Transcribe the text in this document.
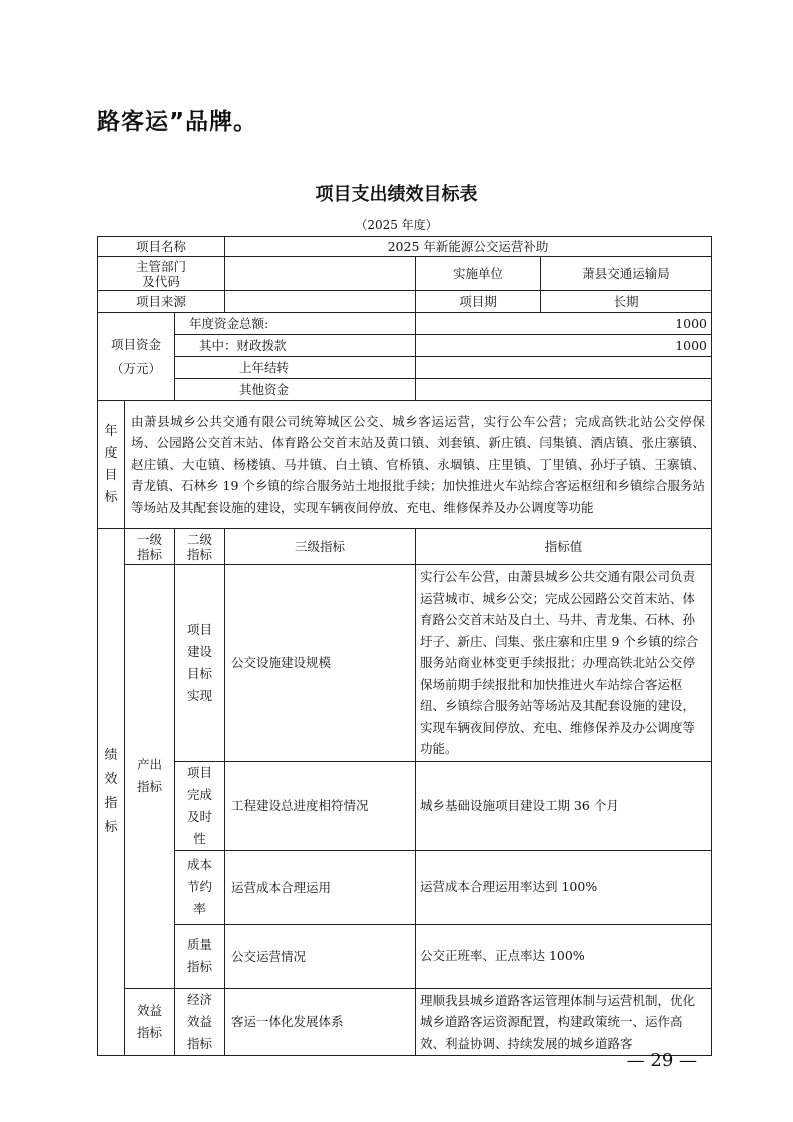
路客运”品牌。
项目支出绩效目标表
（2025 年度）
项目名称			2025 年新能源公交运营补助		
主管部门及代码				实施单位	萧县交通运输局
项目来源				项目期	长期
项目资金（万元）		年度资金总额:		1000	
		其中：财政拨款		1000	
		上年结转			
		其他资金			
年度目标	由萧县城乡公共交通有限公司统筹城区公交、城乡客运运营，实行公车公营；完成高铁北站公交停保场、公园路公交首末站、体育路公交首末站及黄口镇、刘套镇、新庄镇、闫集镇、酒店镇、张庄寨镇、赵庄镇、大屯镇、杨楼镇、马井镇、白土镇、官桥镇、永堌镇、庄里镇、丁里镇、孙圩子镇、王寨镇、青龙镇、石林乡 19 个乡镇的综合服务站土地报批手续；加快推进火车站综合客运枢纽和乡镇综合服务站等场站及其配套设施的建设，实现车辆夜间停放、充电、维修保养及办公调度等功能				
绩效指标	一级指标	二级指标	三级指标	指标值	
	产出指标	项目建设目标实现	公交设施建设规模	实行公车公营，由萧县城乡公共交通有限公司负责运营城市、城乡公交；完成公园路公交首末站、体育路公交首末站及白土、马井、青龙集、石林、孙圩子、新庄、闫集、张庄寨和庄里 9 个乡镇的综合服务站商业林变更手续报批；办理高铁北站公交停保场前期手续报批和加快推进火车站综合客运枢纽、乡镇综合服务站等场站及其配套设施的建设，实现车辆夜间停放、充电、维修保养及办公调度等功能。	
		项目完成及时性	工程建设总进度相符情况	城乡基础设施项目建设工期 36 个月	
		成本节约率	运营成本合理运用	运营成本合理运用率达到 100%	
		质量指标	公交运营情况	公交正班率、正点率达 100%	
	效益指标	经济效益指标	客运一体化发展体系	理顺我县城乡道路客运管理体制与运营机制，优化城乡道路客运资源配置，构建政策统一、运作高效、利益协调、持续发展的城乡道路客	
— 29 —
